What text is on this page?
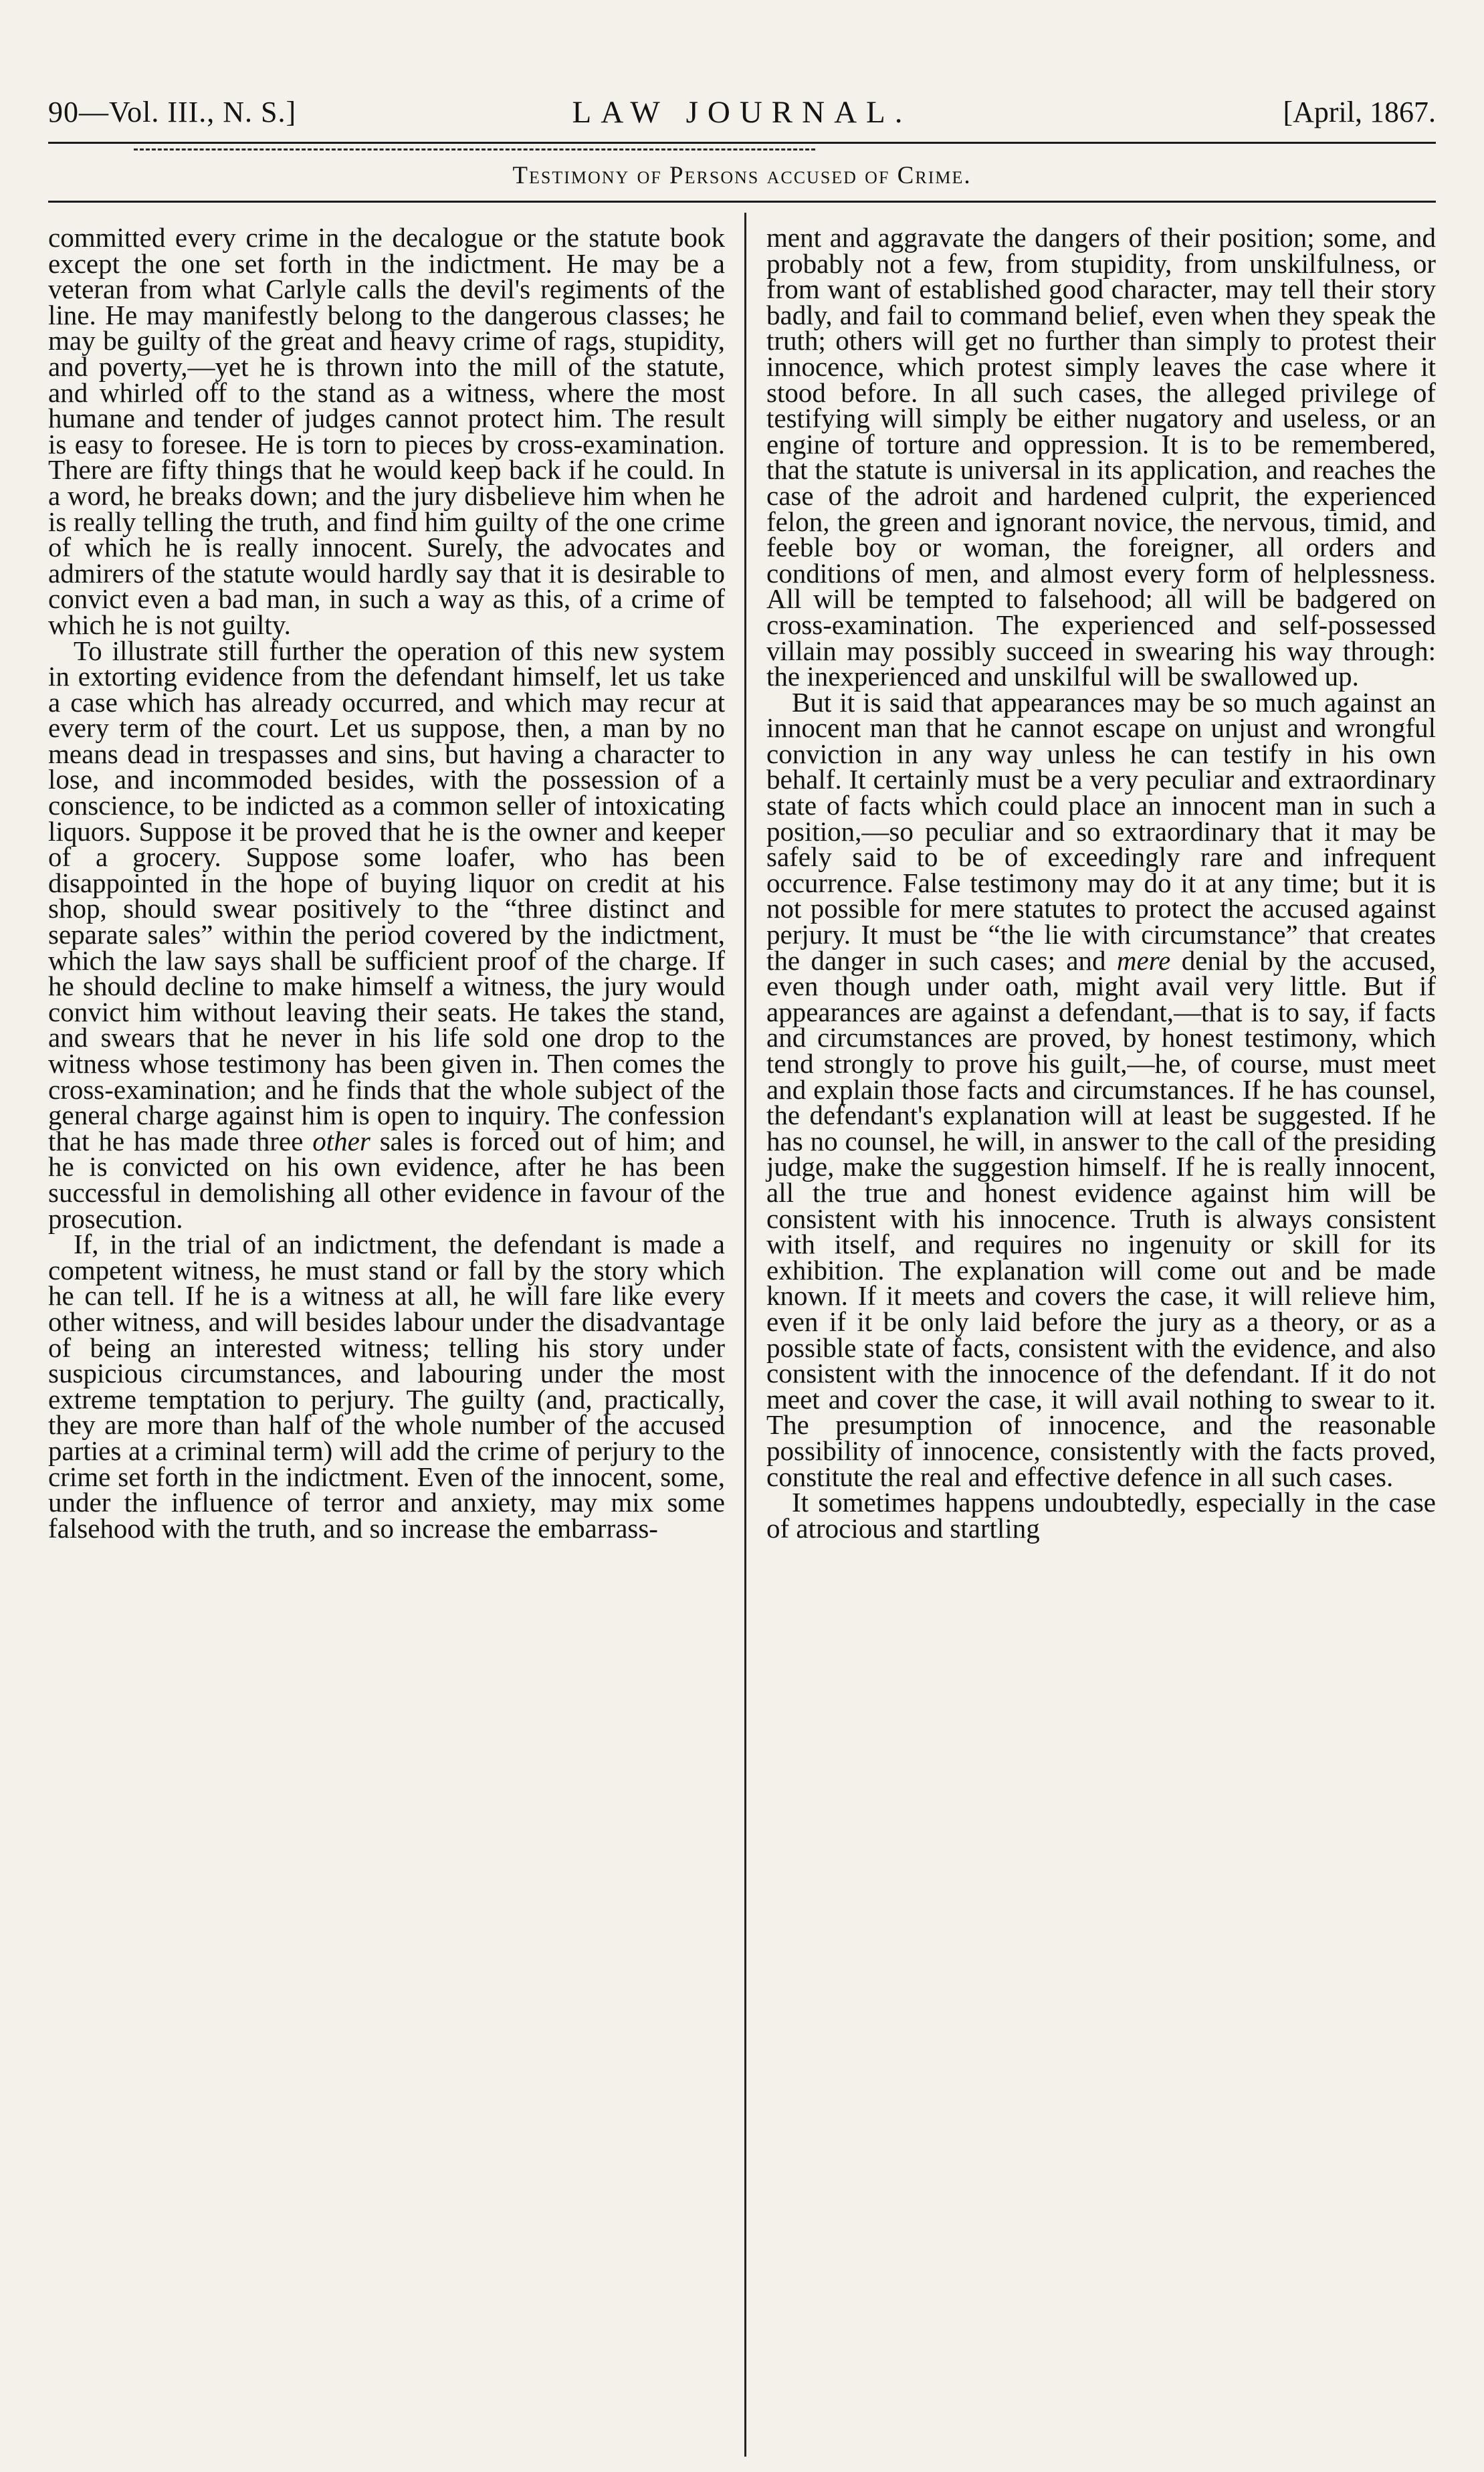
90—Vol. III., N. S.]	LAW JOURNAL.	[April, 1867.
Testimony of Persons accused of Crime.

committed every crime in the decalogue or the statute book except the one set forth in the indictment. He may be a veteran from what Carlyle calls the devil's regiments of the line. He may manifestly belong to the dangerous classes; he may be guilty of the great and heavy crime of rags, stupidity, and poverty,—yet he is thrown into the mill of the statute, and whirled off to the stand as a witness, where the most humane and tender of judges cannot protect him. The result is easy to foresee. He is torn to pieces by cross-examination. There are fifty things that he would keep back if he could. In a word, he breaks down; and the jury disbelieve him when he is really telling the truth, and find him guilty of the one crime of which he is really innocent. Surely, the advocates and admirers of the statute would hardly say that it is desirable to convict even a bad man, in such a way as this, of a crime of which he is not guilty.

To illustrate still further the operation of this new system in extorting evidence from the defendant himself, let us take a case which has already occurred, and which may recur at every term of the court. Let us suppose, then, a man by no means dead in trespasses and sins, but having a character to lose, and incommoded besides, with the possession of a conscience, to be indicted as a common seller of intoxicating liquors. Suppose it be proved that he is the owner and keeper of a grocery. Suppose some loafer, who has been disappointed in the hope of buying liquor on credit at his shop, should swear positively to the “three distinct and separate sales” within the period covered by the indictment, which the law says shall be sufficient proof of the charge. If he should decline to make himself a witness, the jury would convict him without leaving their seats. He takes the stand, and swears that he never in his life sold one drop to the witness whose testimony has been given in. Then comes the cross-examination; and he finds that the whole subject of the general charge against him is open to inquiry. The confession that he has made three other sales is forced out of him; and he is convicted on his own evidence, after he has been successful in demolishing all other evidence in favour of the prosecution.

If, in the trial of an indictment, the defendant is made a competent witness, he must stand or fall by the story which he can tell. If he is a witness at all, he will fare like every other witness, and will besides labour under the disadvantage of being an interested witness; telling his story under suspicious circumstances, and labouring under the most extreme temptation to perjury. The guilty (and, practically, they are more than half of the whole number of the accused parties at a criminal term) will add the crime of perjury to the crime set forth in the indictment. Even of the innocent, some, under the influence of terror and anxiety, may mix some falsehood with the truth, and so increase the embarrass-

ment and aggravate the dangers of their position; some, and probably not a few, from stupidity, from unskilfulness, or from want of established good character, may tell their story badly, and fail to command belief, even when they speak the truth; others will get no further than simply to protest their innocence, which protest simply leaves the case where it stood before. In all such cases, the alleged privilege of testifying will simply be either nugatory and useless, or an engine of torture and oppression. It is to be remembered, that the statute is universal in its application, and reaches the case of the adroit and hardened culprit, the experienced felon, the green and ignorant novice, the nervous, timid, and feeble boy or woman, the foreigner, all orders and conditions of men, and almost every form of helplessness. All will be tempted to falsehood; all will be badgered on cross-examination. The experienced and self-possessed villain may possibly succeed in swearing his way through: the inexperienced and unskilful will be swallowed up.

But it is said that appearances may be so much against an innocent man that he cannot escape on unjust and wrongful conviction in any way unless he can testify in his own behalf. It certainly must be a very peculiar and extraordinary state of facts which could place an innocent man in such a position,—so peculiar and so extraordinary that it may be safely said to be of exceedingly rare and infrequent occurrence. False testimony may do it at any time; but it is not possible for mere statutes to protect the accused against perjury. It must be “the lie with circumstance” that creates the danger in such cases; and mere denial by the accused, even though under oath, might avail very little. But if appearances are against a defendant,—that is to say, if facts and circumstances are proved, by honest testimony, which tend strongly to prove his guilt,—he, of course, must meet and explain those facts and circumstances. If he has counsel, the defendant's explanation will at least be suggested. If he has no counsel, he will, in answer to the call of the presiding judge, make the suggestion himself. If he is really innocent, all the true and honest evidence against him will be consistent with his innocence. Truth is always consistent with itself, and requires no ingenuity or skill for its exhibition. The explanation will come out and be made known. If it meets and covers the case, it will relieve him, even if it be only laid before the jury as a theory, or as a possible state of facts, consistent with the evidence, and also consistent with the innocence of the defendant. If it do not meet and cover the case, it will avail nothing to swear to it. The presumption of innocence, and the reasonable possibility of innocence, consistently with the facts proved, constitute the real and effective defence in all such cases.

It sometimes happens undoubtedly, especially in the case of atrocious and startling
